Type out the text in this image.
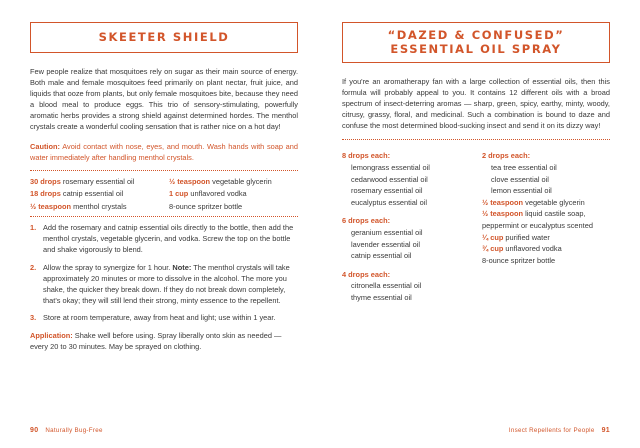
SKEETER SHIELD

Few people realize that mosquitoes rely on sugar as their main source of energy. Both male and female mosquitoes feed primarily on plant nectar, fruit juice, and liquids that ooze from plants, but only female mosquitoes bite, because they need a blood meal to produce eggs. This trio of sensory-stimulating, powerfully aromatic herbs provides a strong shield against determined hordes. The menthol crystals create a wonderful cooling sensation that is rather nice on a hot day!

Caution: Avoid contact with nose, eyes, and mouth. Wash hands with soap and water immediately after handling menthol crystals.
30 drops rosemary essential oil
18 drops catnip essential oil
½ teaspoon menthol crystals
½ teaspoon vegetable glycerin
1 cup unflavored vodka
8-ounce spritzer bottle
1. Add the rosemary and catnip essential oils directly to the bottle, then add the menthol crystals, vegetable glycerin, and vodka. Screw the top on the bottle and shake vigorously to blend.
2. Allow the spray to synergize for 1 hour. Note: The menthol crystals will take approximately 20 minutes or more to dissolve in the alcohol. The more you shake, the quicker they break down. If they do not break down completely, that's okay; they will still lend their strong, minty essence to the repellent.
3. Store at room temperature, away from heat and light; use within 1 year.
Application: Shake well before using. Spray liberally onto skin as needed — every 20 to 30 minutes. May be sprayed on clothing.
90 Naturally Bug-Free
“DAZED & CONFUSED”
ESSENTIAL OIL SPRAY

If you're an aromatherapy fan with a large collection of essential oils, then this formula will probably appeal to you. It contains 12 different oils with a broad spectrum of insect-deterring aromas — sharp, green, spicy, earthy, minty, woody, citrusy, grassy, floral, and medicinal. Such a combination is bound to daze and confuse the most determined blood-sucking insect and send it on its dizzy way!

8 drops each:
lemongrass essential oil
cedarwood essential oil
rosemary essential oil
eucalyptus essential oil
6 drops each:
geranium essential oil
lavender essential oil
catnip essential oil
4 drops each:
citronella essential oil
thyme essential oil
2 drops each:
tea tree essential oil
clove essential oil
lemon essential oil
½ teaspoon vegetable glycerin
½ teaspoon liquid castile soap, peppermint or eucalyptus scented
¼ cup purified water
¾ cup unflavored vodka
8-ounce spritzer bottle
Insect Repellents for People 91
